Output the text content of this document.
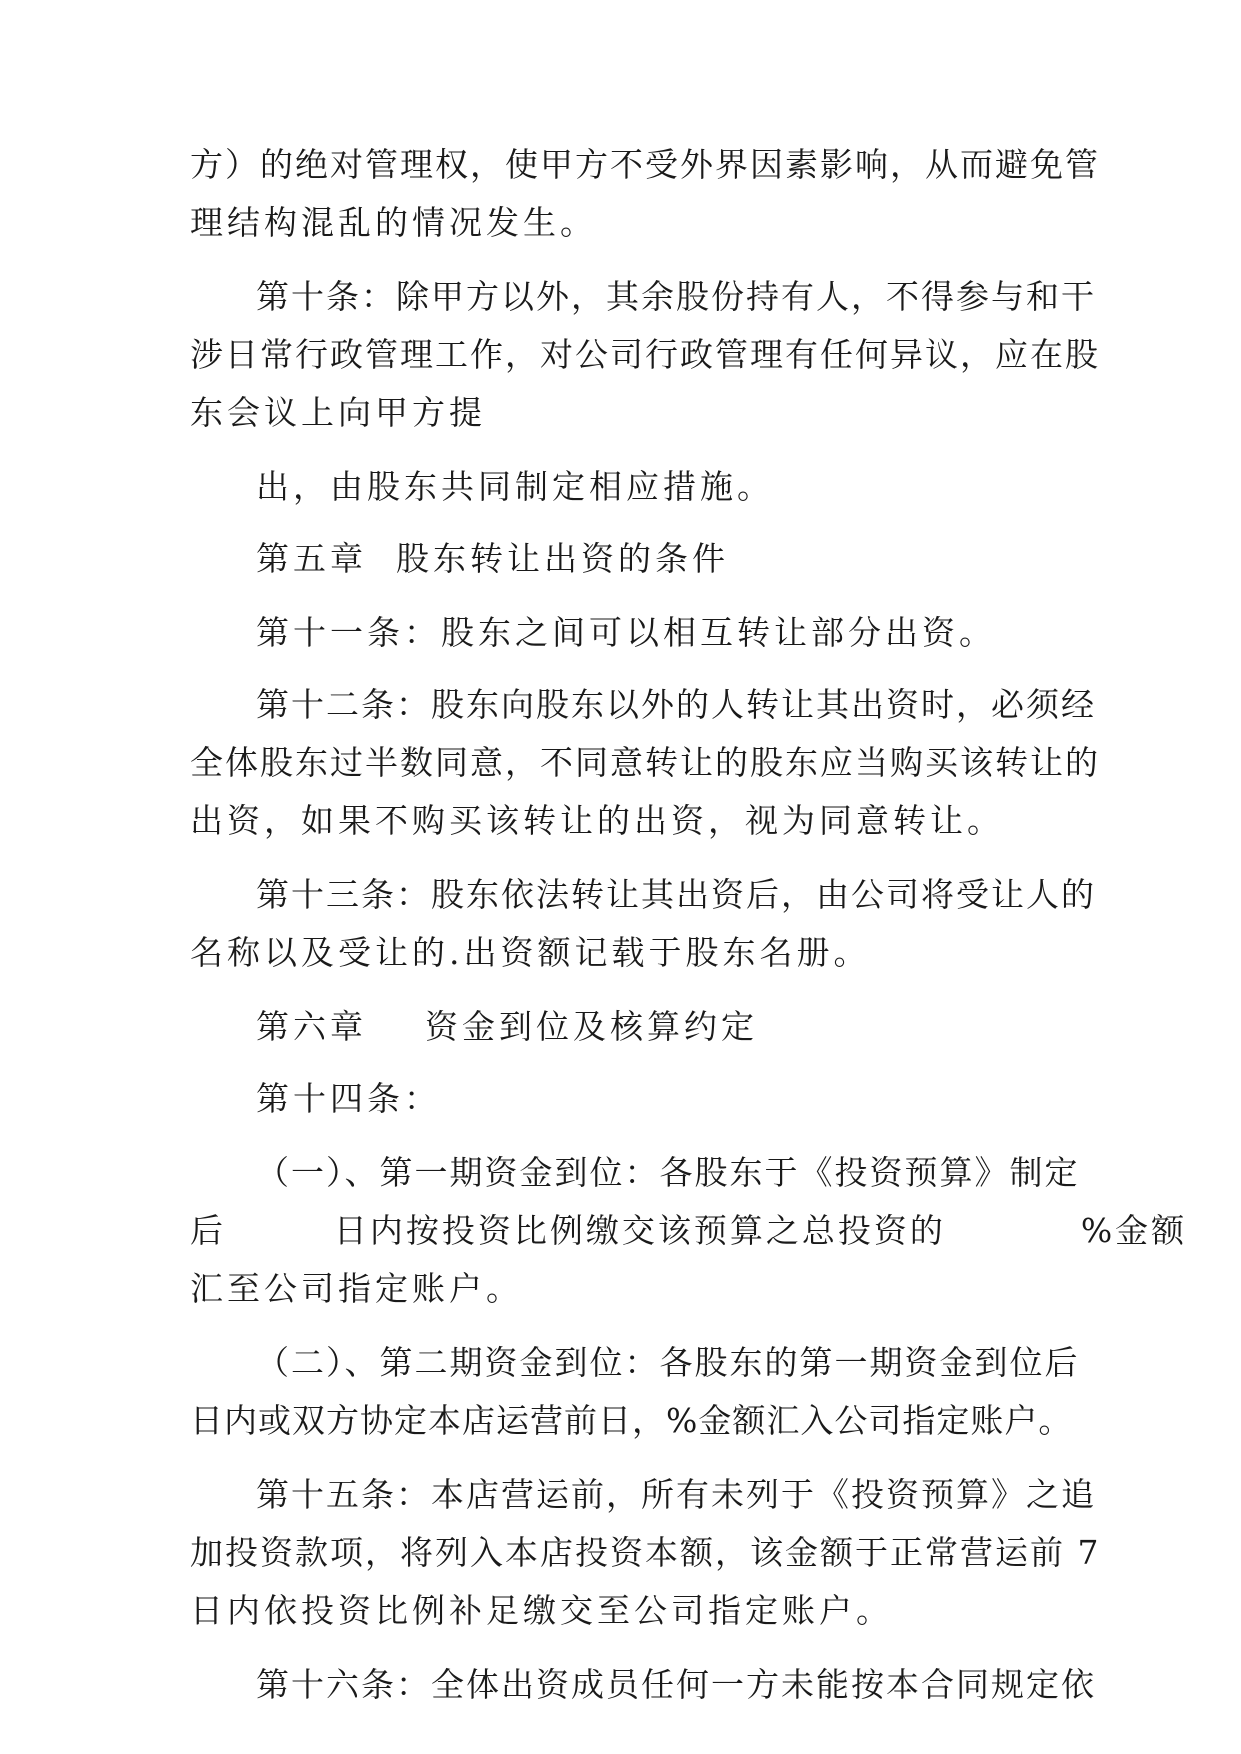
方）的绝对管理权，使甲方不受外界因素影响，从而避免管
理结构混乱的情况发生。
第十条：除甲方以外，其余股份持有人，不得参与和干
涉日常行政管理工作，对公司行政管理有任何异议，应在股
东会议上向甲方提
出，由股东共同制定相应措施。
第五章  股东转让出资的条件
第十一条：股东之间可以相互转让部分出资。
第十二条：股东向股东以外的人转让其出资时，必须经
全体股东过半数同意，不同意转让的股东应当购买该转让的
出资，如果不购买该转让的出资，视为同意转让。
第十三条：股东依法转让其出资后，由公司将受让人的
名称以及受让的.出资额记载于股东名册。
第六章    资金到位及核算约定
第十四条：
（一）、第一期资金到位：各股东于《投资预算》制定
后        日内按投资比例缴交该预算之总投资的          %金额
汇至公司指定账户。
（二）、第二期资金到位：各股东的第一期资金到位后
日内或双方协定本店运营前日，%金额汇入公司指定账户。
第十五条：本店营运前，所有未列于《投资预算》之追
加投资款项，将列入本店投资本额，该金额于正常营运前 7
日内依投资比例补足缴交至公司指定账户。
第十六条：全体出资成员任何一方未能按本合同规定依
